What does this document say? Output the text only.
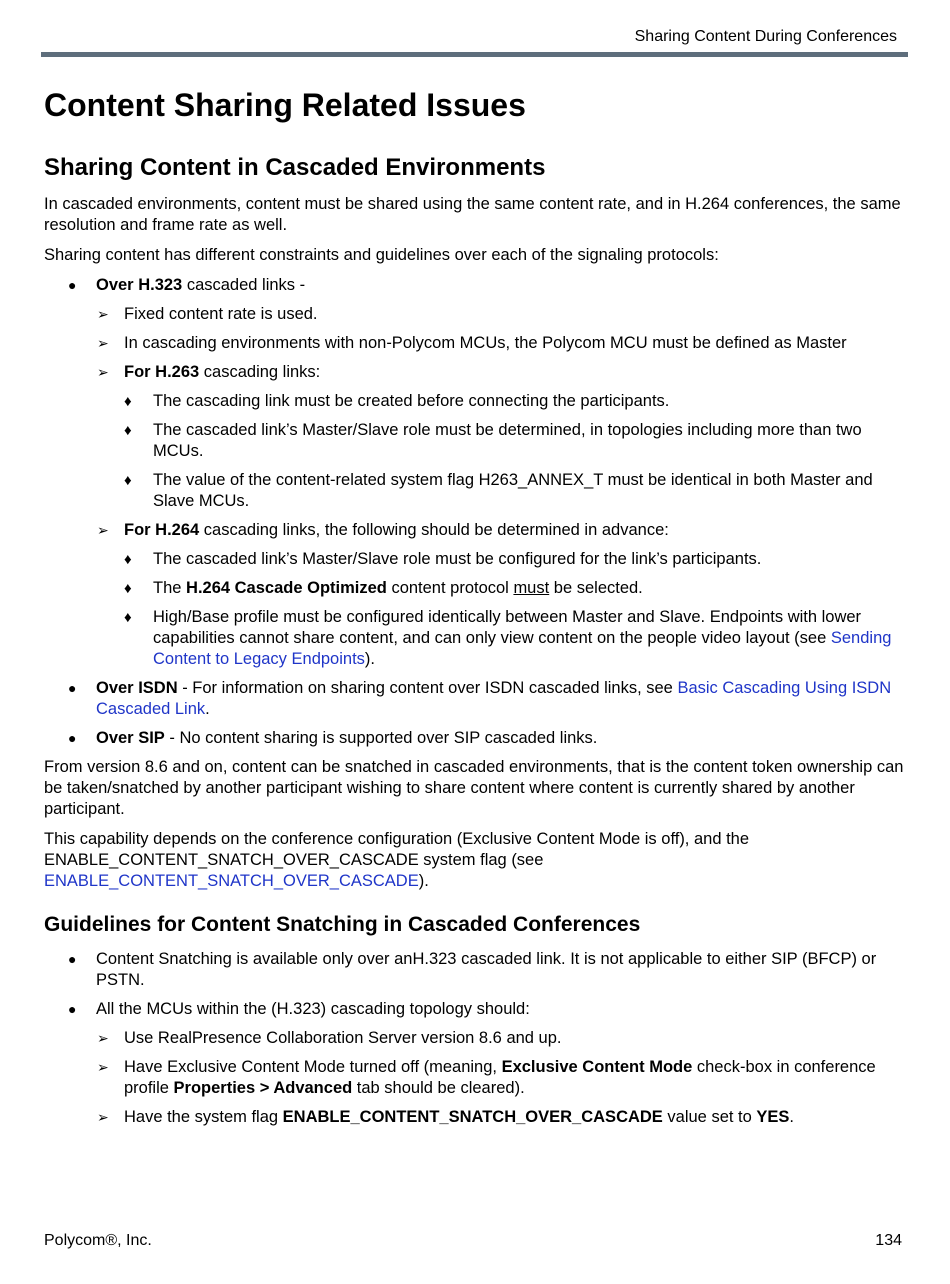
Sharing Content During Conferences
Content Sharing Related Issues
Sharing Content in Cascaded Environments

In cascaded environments, content must be shared using the same content rate, and in H.264 conferences, the same resolution and frame rate as well.

Sharing content has different constraints and guidelines over each of the signaling protocols:

● Over H.323 cascaded links -
➢ Fixed content rate is used.
➢ In cascading environments with non-Polycom MCUs, the Polycom MCU must be defined as Master
➢ For H.263 cascading links:
♦ The cascading link must be created before connecting the participants.
♦ The cascaded link’s Master/Slave role must be determined, in topologies including more than two MCUs.
♦ The value of the content-related system flag H263_ANNEX_T must be identical in both Master and Slave MCUs.
➢ For H.264 cascading links, the following should be determined in advance:
♦ The cascaded link’s Master/Slave role must be configured for the link’s participants.
♦ The H.264 Cascade Optimized content protocol must be selected.
♦ High/Base profile must be configured identically between Master and Slave. Endpoints with lower capabilities cannot share content, and can only view content on the people video layout (see Sending Content to Legacy Endpoints).
● Over ISDN - For information on sharing content over ISDN cascaded links, see Basic Cascading Using ISDN Cascaded Link.
● Over SIP - No content sharing is supported over SIP cascaded links.

From version 8.6 and on, content can be snatched in cascaded environments, that is the content token ownership can be taken/snatched by another participant wishing to share content where content is currently shared by another participant.

This capability depends on the conference configuration (Exclusive Content Mode is off), and the ENABLE_CONTENT_SNATCH_OVER_CASCADE system flag (see ENABLE_CONTENT_SNATCH_OVER_CASCADE).

Guidelines for Content Snatching in Cascaded Conferences
● Content Snatching is available only over anH.323 cascaded link. It is not applicable to either SIP (BFCP) or PSTN.
● All the MCUs within the (H.323) cascading topology should:
➢ Use RealPresence Collaboration Server version 8.6 and up.
➢ Have Exclusive Content Mode turned off (meaning, Exclusive Content Mode check-box in conference profile Properties > Advanced tab should be cleared).
➢ Have the system flag ENABLE_CONTENT_SNATCH_OVER_CASCADE value set to YES.
Polycom®, Inc.	134
